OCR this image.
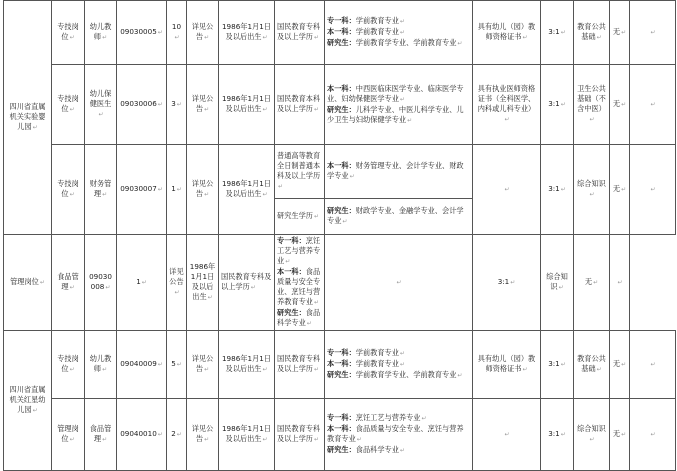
四川省直属机关实验婴儿园↵	专技岗位↵	幼儿教师↵	09030005↵	10↵	详见公告↵	1986年1月1日及以后出生↵	国民教育专科及以上学历↵	专一科：学前教育专业↵
本一科：学前教育专业↵
研究生：学前教育学专业、学前教育专业↵	具有幼儿（园）教师资格证书↵	3:1↵	教育公共基础↵	无↵	↵
	专技岗位↵	幼儿保健医生↵	09030006↵	3↵	详见公告↵	1986年1月1日及以后出生↵	国民教育本科及以上学历↵	本一科：中西医临床医学专业、临床医学专业、妇幼保健医学专业↵
研究生：儿科学专业、中医儿科学专业、儿少卫生与妇幼保健学专业↵	具有执业医师资格证书（全科医学、内科或儿科专业）↵	3:1↵	卫生公共基础（不含中医）↵	无↵	↵
	专技岗位↵	财务管理↵	09030007↵	1↵	详见公告↵	1986年1月1日及以后出生↵	普通高等教育全日制普通本科及以上学历↵	本一科：财务管理专业、会计学专业、财政学专业↵	↵	3:1↵	综合知识↵	无↵	↵
							研究生学历↵	研究生：财政学专业、金融学专业、会计学专业↵					

管理岗位↵	食品管理↵	09030008↵	1↵	详见公告↵	1986年1月1日及以后出生↵	国民教育专科及以上学历↵	专一科：烹饪工艺与营养专业↵
本一科：食品质量与安全专业、烹饪与营养教育专业↵
研究生：食品科学专业↵	↵	3:1↵	综合知识↵	无↵	↵	
四川省直属机关红星幼儿园↵	专技岗位↵	幼儿教师↵	09040009↵	5↵	详见公告↵	1986年1月1日及以后出生↵	国民教育专科及以上学历↵	专一科：学前教育专业↵
本一科：学前教育专业↵
研究生：学前教育学专业、学前教育专业↵	具有幼儿（园）教师资格证书↵	3:1↵	教育公共基础↵	无↵	↵
	管理岗位↵	食品管理↵	09040010↵	2↵	详见公告↵	1986年1月1日及以后出生↵	国民教育专科及以上学历↵	专一科：烹饪工艺与营养专业↵
本一科：食品质量与安全专业、烹饪与营养教育专业↵
研究生：食品科学专业↵	↵	3:1↵	综合知识↵	无↵	↵
